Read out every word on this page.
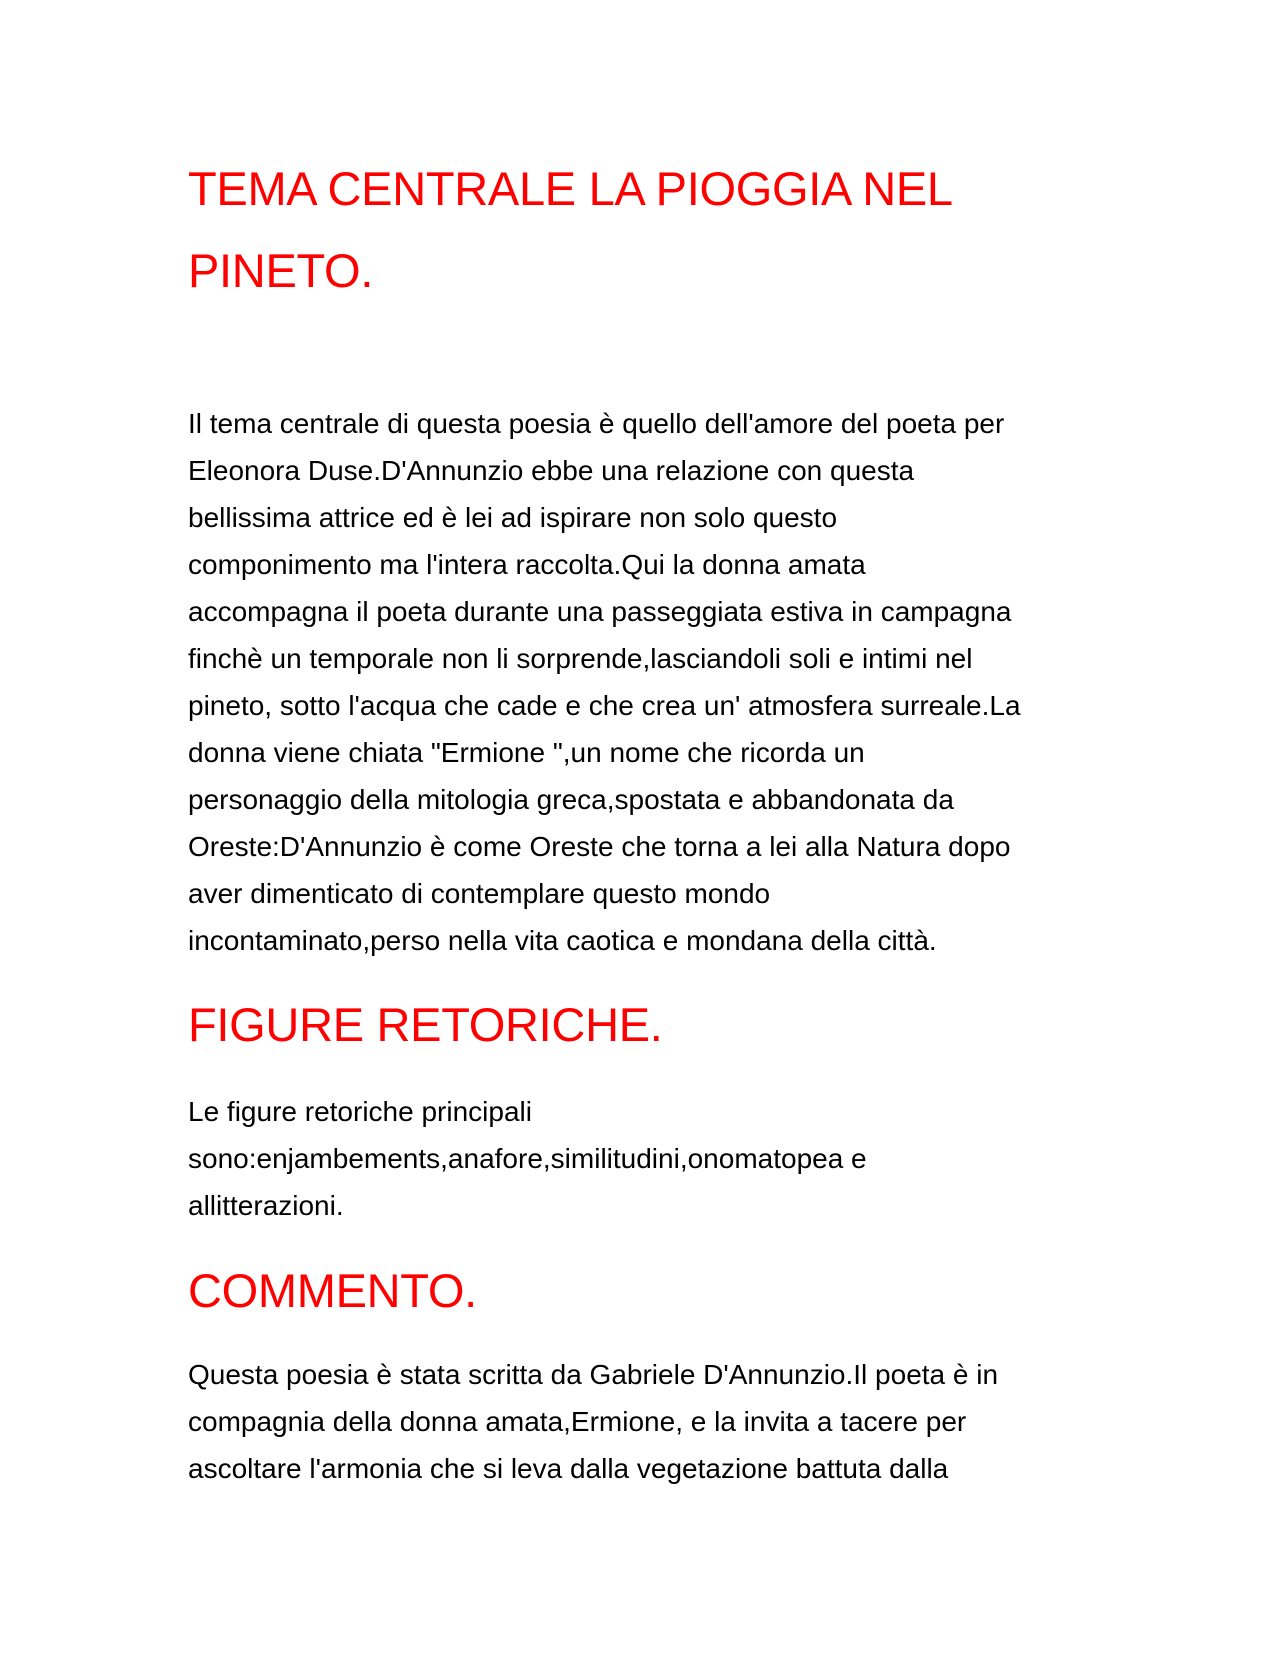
TEMA CENTRALE LA PIOGGIA NEL
PINETO.

Il tema centrale di questa poesia è quello dell'amore del poeta per
Eleonora Duse.D'Annunzio ebbe una relazione con questa
bellissima attrice ed è lei ad ispirare non solo questo
componimento ma l'intera raccolta.Qui la donna amata
accompagna il poeta durante una passeggiata estiva in campagna
finchè un temporale non li sorprende,lasciandoli soli e intimi nel
pineto, sotto l'acqua che cade e che crea un' atmosfera surreale.La
donna viene chiata "Ermione ",un nome che ricorda un
personaggio della mitologia greca,spostata e abbandonata da
Oreste:D'Annunzio è come Oreste che torna a lei alla Natura dopo
aver dimenticato di contemplare questo mondo
incontaminato,perso nella vita caotica e mondana della città.

FIGURE RETORICHE.

Le figure retoriche principali
sono:enjambements,anafore,similitudini,onomatopea e
allitterazioni.

COMMENTO.

Questa poesia è stata scritta da Gabriele D'Annunzio.Il poeta è in
compagnia della donna amata,Ermione, e la invita a tacere per
ascoltare l'armonia che si leva dalla vegetazione battuta dalla
